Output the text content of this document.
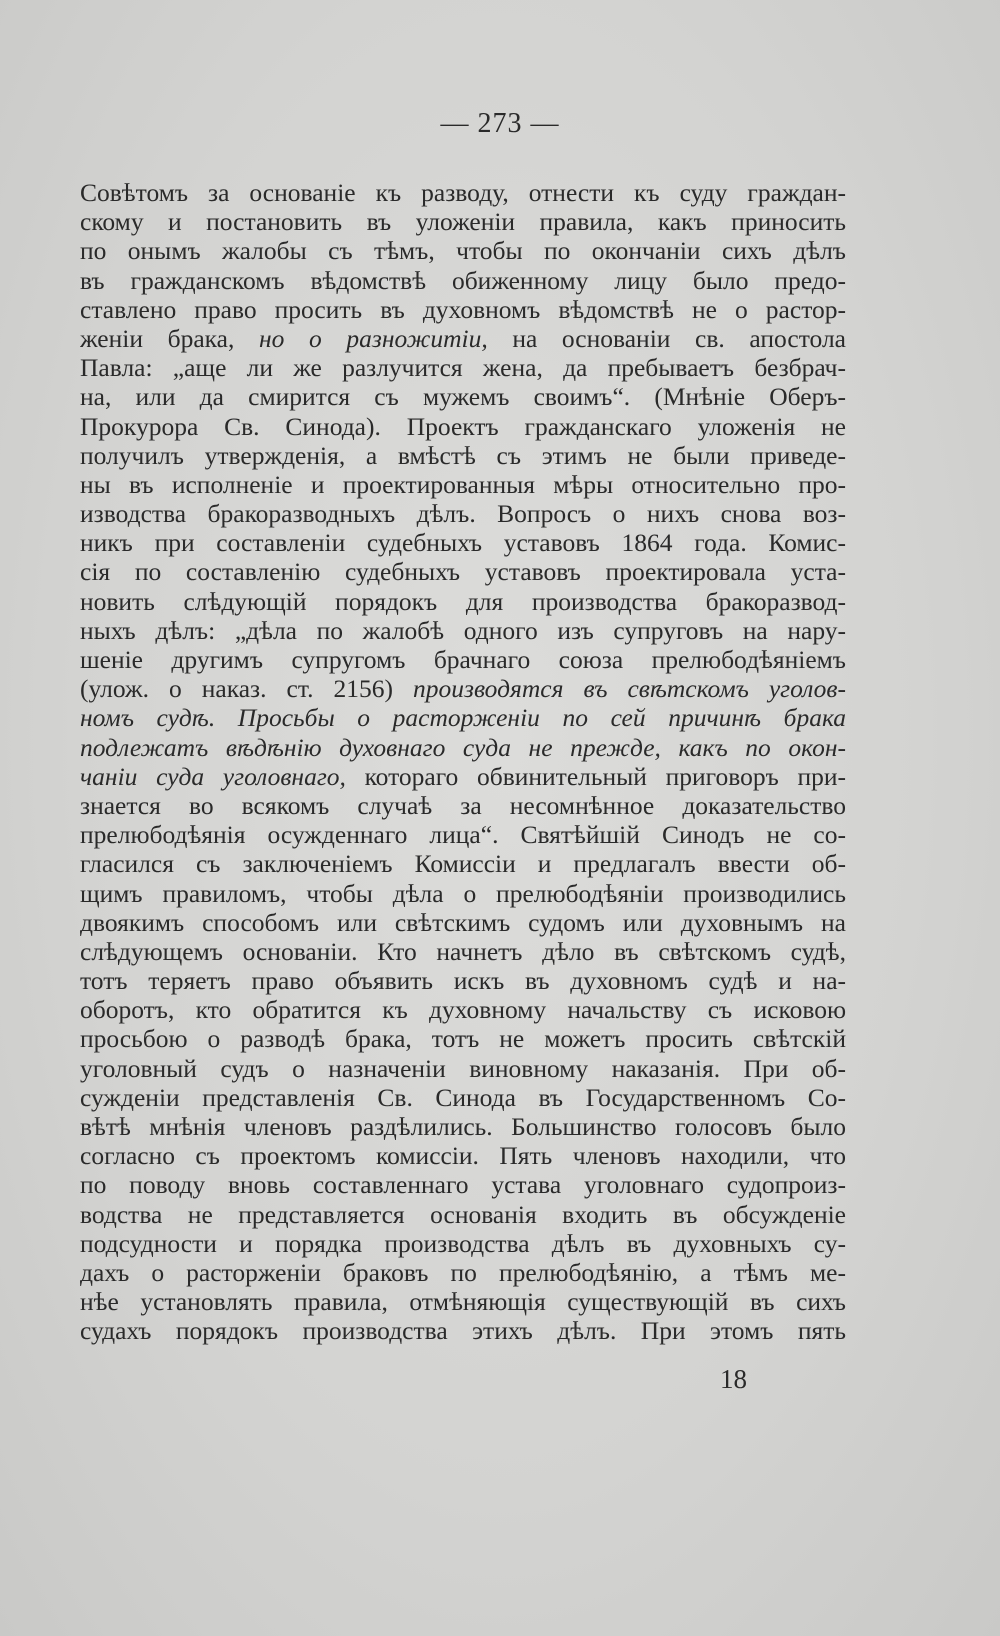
— 273 —
Совѣтомъ за основанiе къ разводу, отнести къ суду граждан-
скому и постановить въ уложенiи правила, какъ приносить
по онымъ жалобы съ тѣмъ, чтобы по окончанiи сихъ дѣлъ
въ гражданскомъ вѣдомствѣ обиженному лицу было предо-
ставлено право просить въ духовномъ вѣдомствѣ не о растор-
женiи брака, но о разножитiи, на основанiи св. апостола
Павла: „аще ли же разлучится жена, да пребываетъ безбрач-
на, или да смирится съ мужемъ своимъ“. (Мнѣнiе Оберъ-
Прокурора Св. Синода). Проектъ гражданскаго уложенiя не
получилъ утвержденiя, а вмѣстѣ съ этимъ не были приведе-
ны въ исполненiе и проектированныя мѣры относительно про-
изводства бракоразводныхъ дѣлъ. Вопросъ о нихъ снова воз-
никъ при составленiи судебныхъ уставовъ 1864 года. Комис-
сiя по составленiю судебныхъ уставовъ проектировала уста-
новить слѣдующiй порядокъ для производства бракоразвод-
ныхъ дѣлъ: „дѣла по жалобѣ одного изъ супруговъ на нару-
шенiе другимъ супругомъ брачнаго союза прелюбодѣянiемъ
(улож. о наказ. ст. 2156) производятся въ свѣтскомъ уголов-
номъ судѣ. Просьбы о расторженiи по сей причинѣ брака
подлежатъ вѣдѣнiю духовнаго суда не прежде, какъ по окон-
чанiи суда уголовнаго, котораго обвинительный приговоръ при-
знается во всякомъ случаѣ за несомнѣнное доказательство
прелюбодѣянiя осужденнаго лица“. Святѣйшiй Синодъ не со-
гласился съ заключенiемъ Комиссiи и предлагалъ ввести об-
щимъ правиломъ, чтобы дѣла о прелюбодѣянiи производились
двоякимъ способомъ или свѣтскимъ судомъ или духовнымъ на
слѣдующемъ основанiи. Кто начнетъ дѣло въ свѣтскомъ судѣ,
тотъ теряетъ право объявить искъ въ духовномъ судѣ и на-
оборотъ, кто обратится къ духовному начальству съ исковою
просьбою о разводѣ брака, тотъ не можетъ просить свѣтскiй
уголовный судъ о назначенiи виновному наказанiя. При об-
сужденiи представленiя Св. Синода въ Государственномъ Со-
вѣтѣ мнѣнiя членовъ раздѣлились. Большинство голосовъ было
согласно съ проектомъ комиссiи. Пять членовъ находили, что
по поводу вновь составленнаго устава уголовнаго судопроиз-
водства не представляется основанiя входить въ обсужденiе
подсудности и порядка производства дѣлъ въ духовныхъ су-
дахъ о расторженiи браковъ по прелюбодѣянiю, а тѣмъ ме-
нѣе установлять правила, отмѣняющiя существующiй въ сихъ
судахъ порядокъ производства этихъ дѣлъ. При этомъ пять
18
